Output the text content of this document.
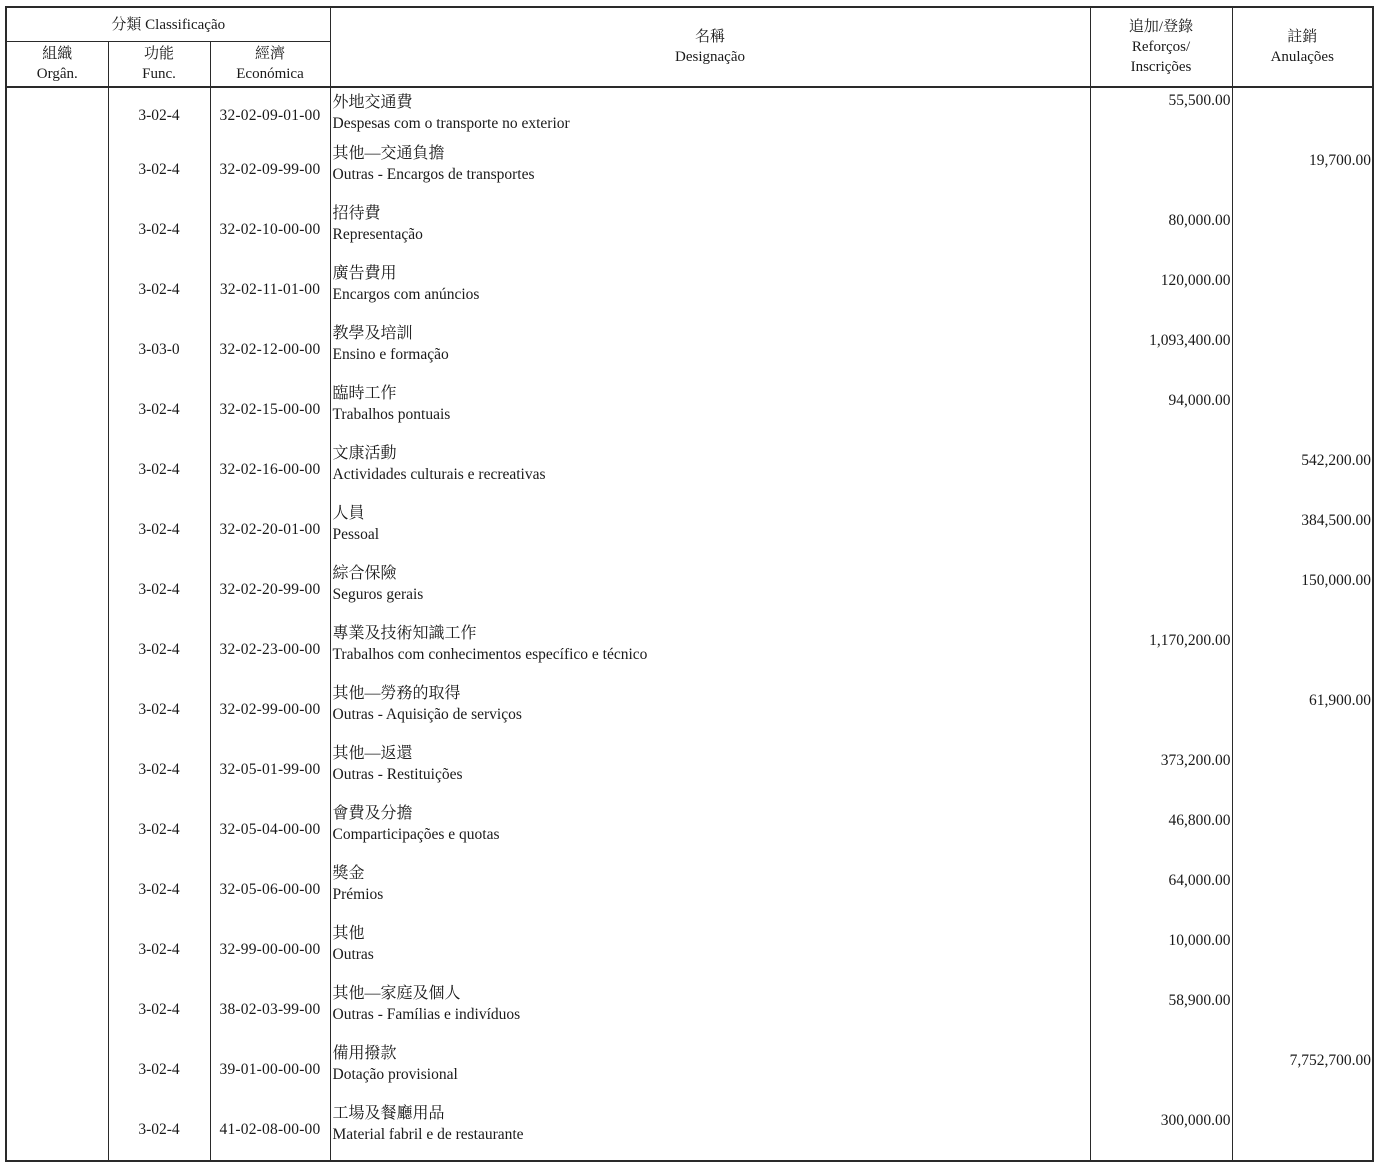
分類 Classificação			名稱
Designação	追加/登錄
Reforços/
Inscrições	註銷
Anulações

組織
Orgân.	功能
Func.	經濟
Económica			

	3-02-4	32-02-09-01-00	外地交通費
Despesas com o transporte no exterior	55,500.00	
	3-02-4	32-02-09-99-00	其他—交通負擔
Outras - Encargos de transportes		19,700.00
	3-02-4	32-02-10-00-00	招待費
Representação	80,000.00	
	3-02-4	32-02-11-01-00	廣告費用
Encargos com anúncios	120,000.00	
	3-03-0	32-02-12-00-00	教學及培訓
Ensino e formação	1,093,400.00	
	3-02-4	32-02-15-00-00	臨時工作
Trabalhos pontuais	94,000.00	
	3-02-4	32-02-16-00-00	文康活動
Actividades culturais e recreativas		542,200.00
	3-02-4	32-02-20-01-00	人員
Pessoal		384,500.00
	3-02-4	32-02-20-99-00	綜合保險
Seguros gerais		150,000.00
	3-02-4	32-02-23-00-00	專業及技術知識工作
Trabalhos com conhecimentos específico e técnico	1,170,200.00	
	3-02-4	32-02-99-00-00	其他—勞務的取得
Outras - Aquisição de serviços		61,900.00
	3-02-4	32-05-01-99-00	其他—返還
Outras - Restituições	373,200.00	
	3-02-4	32-05-04-00-00	會費及分擔
Comparticipações e quotas	46,800.00	
	3-02-4	32-05-06-00-00	獎金
Prémios	64,000.00	
	3-02-4	32-99-00-00-00	其他
Outras	10,000.00	
	3-02-4	38-02-03-99-00	其他—家庭及個人
Outras - Famílias e indivíduos	58,900.00	
	3-02-4	39-01-00-00-00	備用撥款
Dotação provisional		7,752,700.00
	3-02-4	41-02-08-00-00	工場及餐廳用品
Material fabril e de restaurante	300,000.00	
